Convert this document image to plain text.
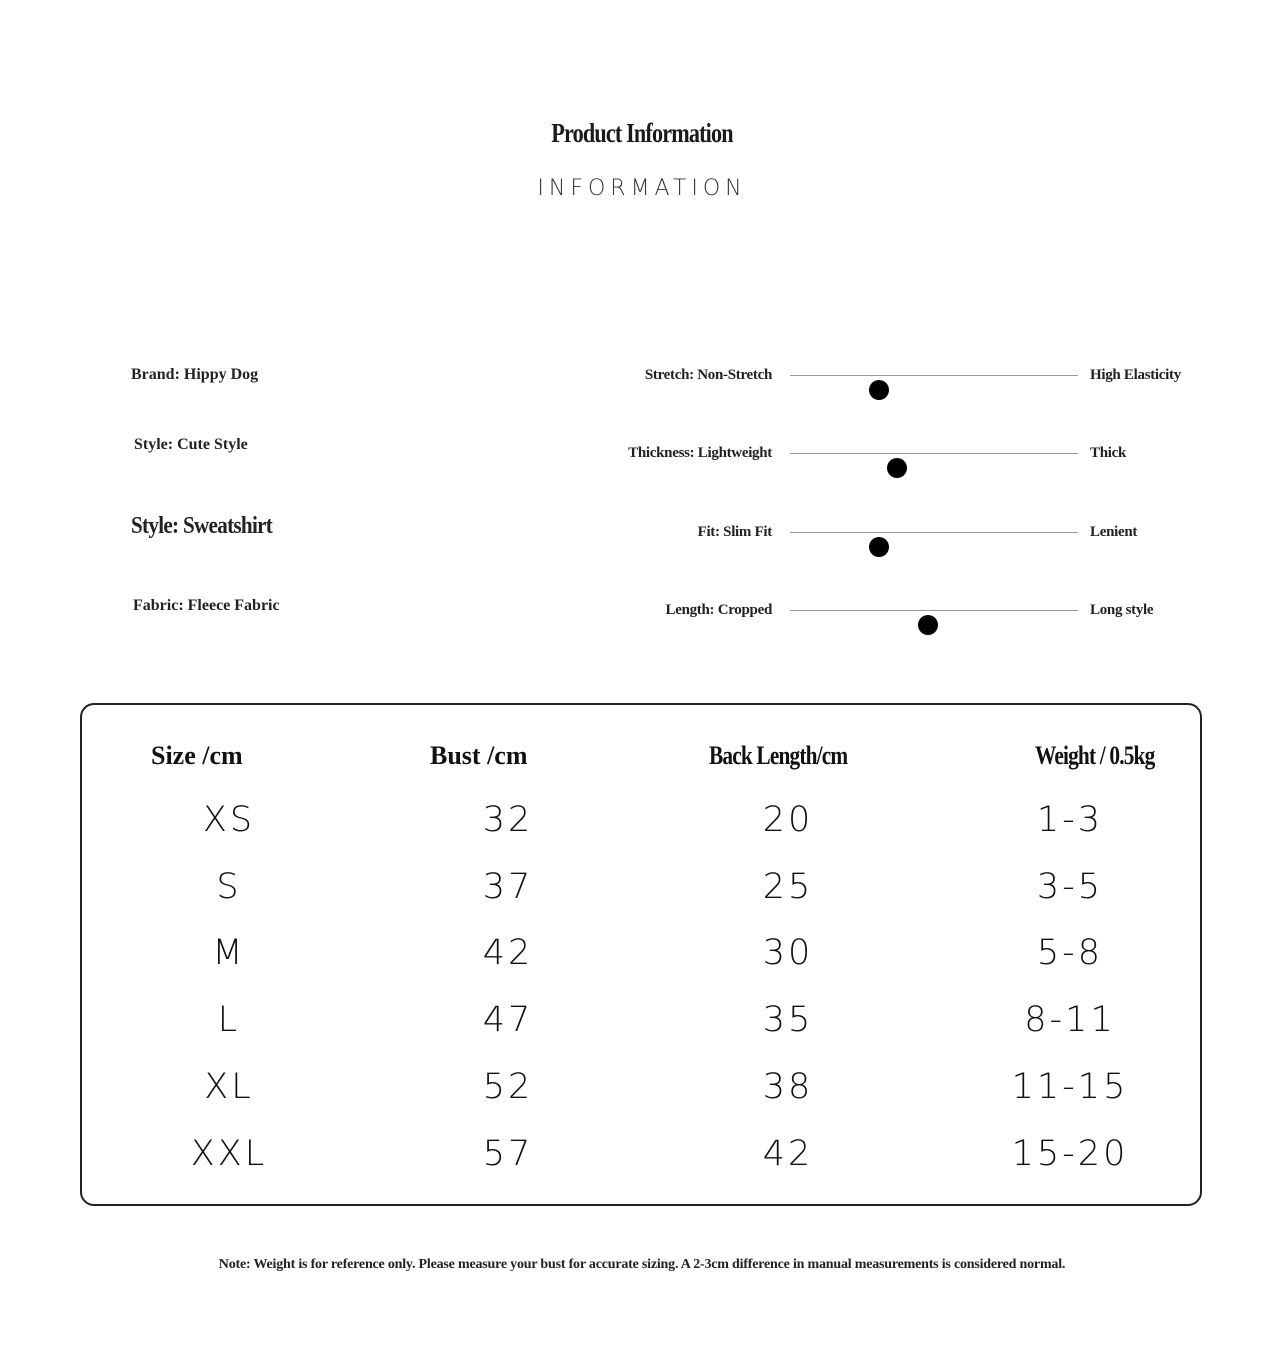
Product Information
INFORMATION
Brand: Hippy Dog
Style: Cute Style
Style: Sweatshirt
Fabric: Fleece Fabric
Stretch: Non-Stretch	High Elasticity
Thickness: Lightweight	Thick
Fit: Slim Fit	Lenient
Length: Cropped	Long style
Size /cm	Bust /cm	Back Length/cm	Weight / 0.5kg
XS	32	20	1-3
S	37	25	3-5
M	42	30	5-8
L	47	35	8-11
XL	52	38	11-15
XXL	57	42	15-20
Note: Weight is for reference only. Please measure your bust for accurate sizing. A 2-3cm difference in manual measurements is considered normal.
